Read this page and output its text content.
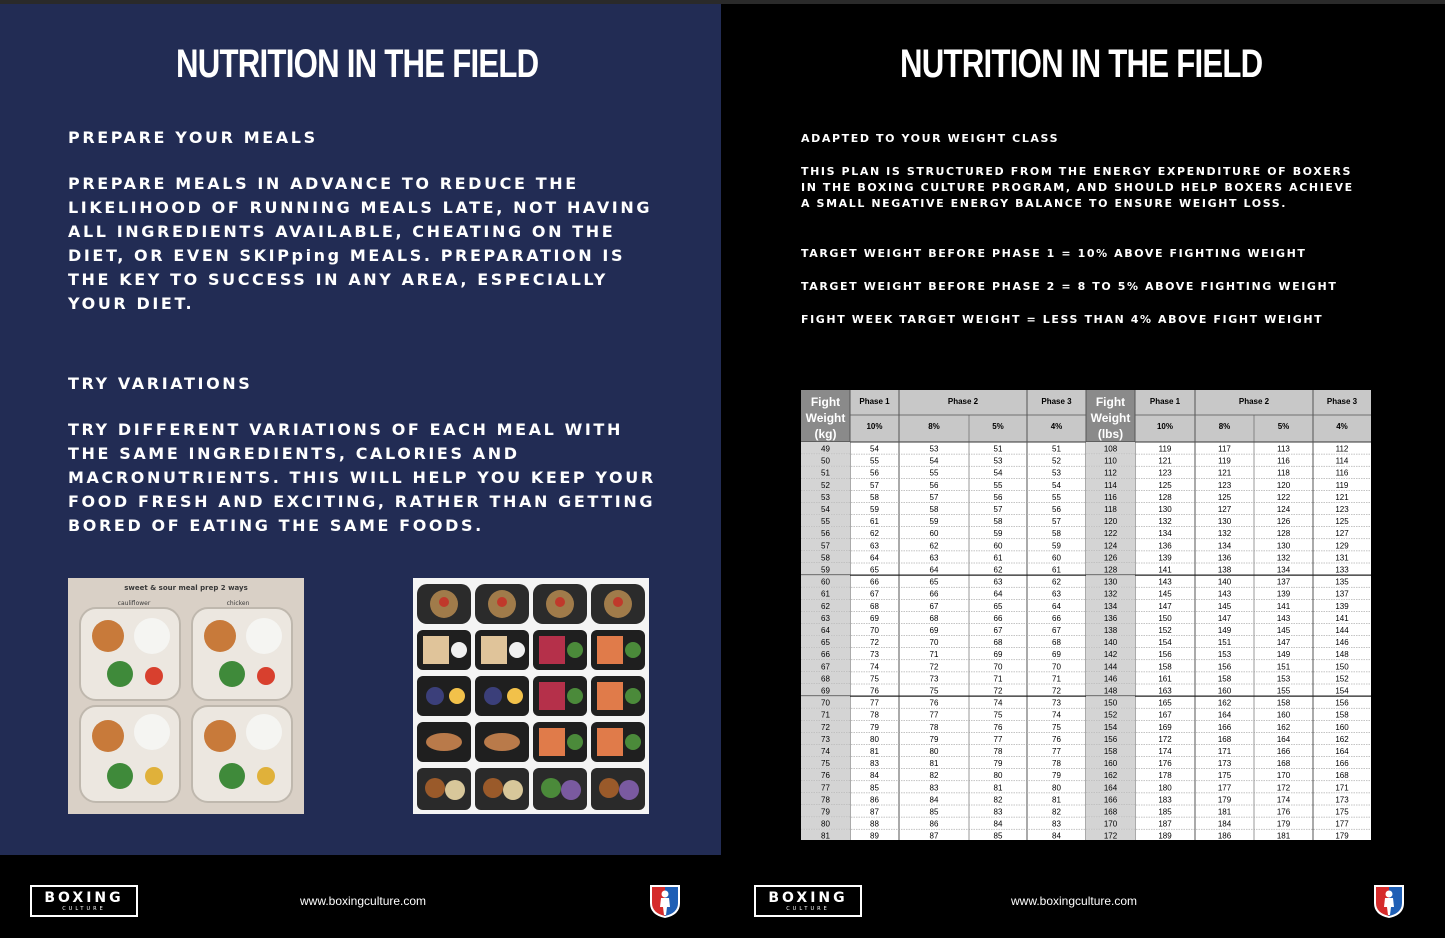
NUTRITION IN THE FIELD
PREPARE YOUR MEALS
PREPARE MEALS IN ADVANCE TO REDUCE THE LIKELIHOOD OF RUNNING MEALS LATE, NOT HAVING ALL INGREDIENTS AVAILABLE, CHEATING ON THE DIET, OR EVEN SKIPping MEALS. PREPARATION IS THE KEY TO SUCCESS IN ANY AREA, ESPECIALLY YOUR DIET.
TRY VARIATIONS
TRY DIFFERENT VARIATIONS OF EACH MEAL WITH THE SAME INGREDIENTS, CALORIES AND MACRONUTRIENTS. THIS WILL HELP YOU KEEP YOUR FOOD FRESH AND EXCITING, RATHER THAN GETTING BORED OF EATING THE SAME FOODS.
sweet & sour meal prep 2 ways
cauliflower	chicken
NUTRITION IN THE FIELD
ADAPTED TO YOUR WEIGHT CLASS
THIS PLAN IS STRUCTURED FROM THE ENERGY EXPENDITURE OF BOXERS IN THE BOXING CULTURE PROGRAM, AND SHOULD HELP BOXERS ACHIEVE A SMALL NEGATIVE ENERGY BALANCE TO ENSURE WEIGHT LOSS.
TARGET WEIGHT BEFORE PHASE 1 = 10% ABOVE FIGHTING WEIGHT
TARGET WEIGHT BEFORE PHASE 2 = 8 TO 5% ABOVE FIGHTING WEIGHT
FIGHT WEEK TARGET WEIGHT = LESS THAN 4% ABOVE FIGHT WEIGHT
Fight
Weight
(kg)
Fight
Weight
(lbs)
Phase 1	Phase 2	Phase 3	Phase 1	Phase 2	Phase 3
10%	8%	5%	4%	10%	8%	5%	4%
49	54	53	51	51	108	119	117	113	112
50	55	54	53	52	110	121	119	116	114
51	56	55	54	53	112	123	121	118	116
52	57	56	55	54	114	125	123	120	119
53	58	57	56	55	116	128	125	122	121
54	59	58	57	56	118	130	127	124	123
55	61	59	58	57	120	132	130	126	125
56	62	60	59	58	122	134	132	128	127
57	63	62	60	59	124	136	134	130	129
58	64	63	61	60	126	139	136	132	131
59	65	64	62	61	128	141	138	134	133
60	66	65	63	62	130	143	140	137	135
61	67	66	64	63	132	145	143	139	137
62	68	67	65	64	134	147	145	141	139
63	69	68	66	66	136	150	147	143	141
64	70	69	67	67	138	152	149	145	144
65	72	70	68	68	140	154	151	147	146
66	73	71	69	69	142	156	153	149	148
67	74	72	70	70	144	158	156	151	150
68	75	73	71	71	146	161	158	153	152
69	76	75	72	72	148	163	160	155	154
70	77	76	74	73	150	165	162	158	156
71	78	77	75	74	152	167	164	160	158
72	79	78	76	75	154	169	166	162	160
73	80	79	77	76	156	172	168	164	162
74	81	80	78	77	158	174	171	166	164
75	83	81	79	78	160	176	173	168	166
76	84	82	80	79	162	178	175	170	168
77	85	83	81	80	164	180	177	172	171
78	86	84	82	81	166	183	179	174	173
79	87	85	83	82	168	185	181	176	175
80	88	86	84	83	170	187	184	179	177
81	89	87	85	84	172	189	186	181	179
BOXING
CULTURE
www.boxingculture.com	BOXING
CULTURE
www.boxingculture.com
